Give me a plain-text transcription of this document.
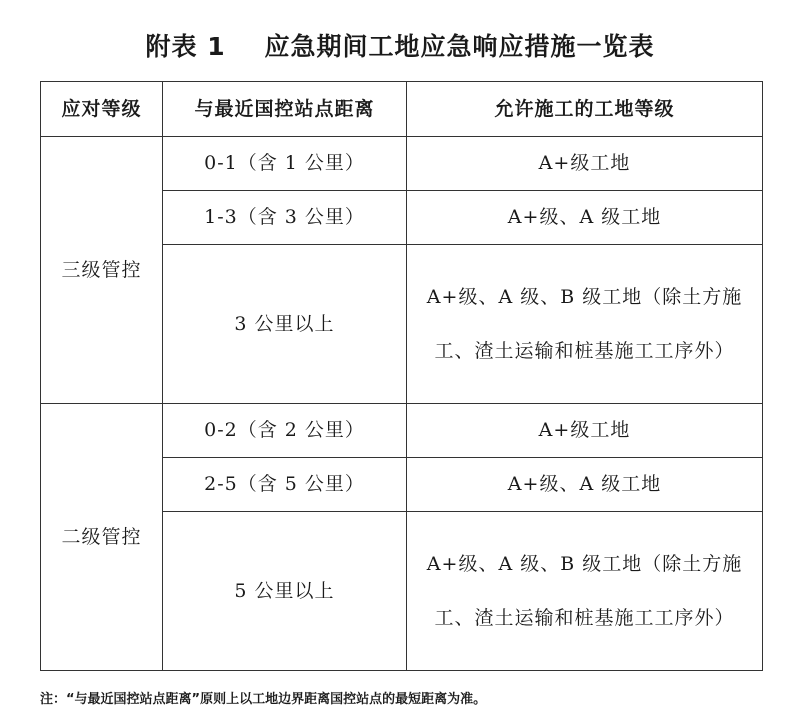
附表 1    应急期间工地应急响应措施一览表
应对等级	与最近国控站点距离	允许施工的工地等级
三级管控	0-1（含 1 公里）	A+级工地
	1-3（含 3 公里）	A+级、A 级工地
	3 公里以上	A+级、A 级、B 级工地（除土方施工、渣土运输和桩基施工工序外）
二级管控	0-2（含 2 公里）	A+级工地
	2-5（含 5 公里）	A+级、A 级工地
	5 公里以上	A+级、A 级、B 级工地（除土方施工、渣土运输和桩基施工工序外）
注：“与最近国控站点距离”原则上以工地边界距离国控站点的最短距离为准。
